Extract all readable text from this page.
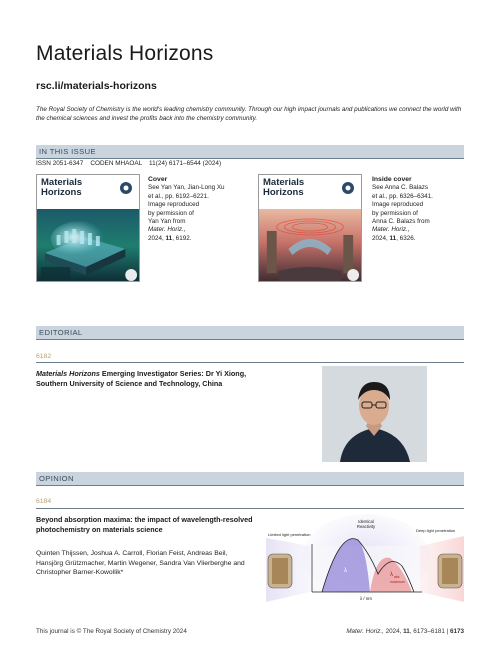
Materials Horizons
rsc.li/materials-horizons
The Royal Society of Chemistry is the world's leading chemistry community. Through our high impact journals and publications we connect the world with the chemical sciences and invest the profits back into the chemistry community.
IN THIS ISSUE
ISSN 2051-6347    CODEN MHAOAL    11(24) 6171–6544 (2024)
Materials
Horizons
Cover
See Yan Yan, Jian-Long Xu
et al., pp. 6192–6221.
Image reproduced
by permission of
Yan Yan from
Mater. Horiz.,
2024, 11, 6192.
Materials
Horizons
Inside cover
See Anna C. Balazs
et al., pp. 6326–6341.
Image reproduced
by permission of
Anna C. Balazs from
Mater. Horiz.,
2024, 11, 6326.
EDITORIAL
6182
Materials Horizons Emerging Investigator Series: Dr Yi Xiong, Southern University of Science and Technology, China
OPINION
6184
Beyond absorption maxima: the impact of wavelength-resolved photochemistry on materials science
Quinten Thijssen, Joshua A. Carroll, Florian Feist, Andreas Beil, Hansjörg Grützmacher, Martin Wegener, Sandra Van Vlierberghe and Christopher Barner-Kowollik*
Identical
Reactivity
Limited light penetration
Deep light penetration
λ
λ abs
maximum
λ / nm
This journal is © The Royal Society of Chemistry 2024	Mater. Horiz., 2024, 11, 6173–6181 | 6173
